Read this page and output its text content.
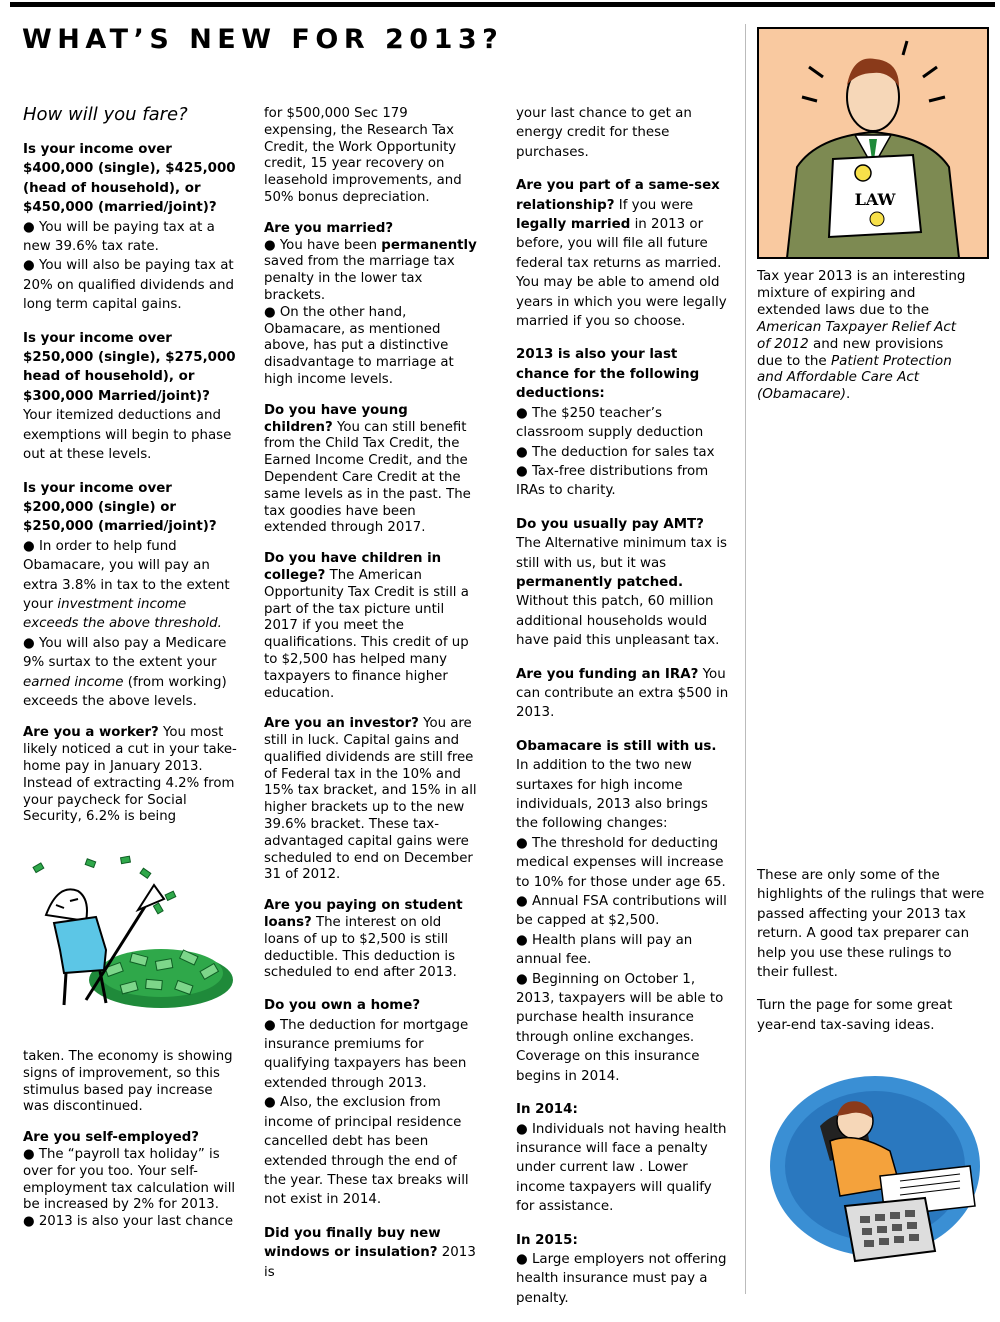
WHAT’S NEW FOR 2013?

How will you fare?

Is your income over $400,000 (single), $425,000 (head of household), or $450,000 (married/joint)?
● You will be paying tax at a new 39.6% tax rate.
● You will also be paying tax at 20% on qualified dividends and long term capital gains.

Is your income over $250,000 (single), $275,000 head of household), or $300,000 Married/joint)? Your itemized deductions and exemptions will begin to phase out at these levels.

Is your income over $200,000 (single) or $250,000 (married/joint)?
● In order to help fund Obamacare, you will pay an extra 3.8% in tax to the extent your investment income exceeds the above threshold.
● You will also pay a Medicare 9% surtax to the extent your earned income (from working) exceeds the above levels.

Are you a worker? You most likely noticed a cut in your take-home pay in January 2013. Instead of extracting 4.2% from your paycheck for Social Security, 6.2% is being

taken. The economy is showing signs of improvement, so this stimulus based pay increase was discontinued.

Are you self-employed?
● The “payroll tax holiday” is over for you too. Your self-employment tax calculation will be increased by 2% for 2013.
● 2013 is also your last chance

for $500,000 Sec 179 expensing, the Research Tax Credit, the Work Opportunity credit, 15 year recovery on leasehold improvements, and 50% bonus depreciation.

Are you married?
● You have been permanently saved from the marriage tax penalty in the lower tax brackets.
● On the other hand, Obamacare, as mentioned above, has put a distinctive disadvantage to marriage at high income levels.

Do you have young children? You can still benefit from the Child Tax Credit, the Earned Income Credit, and the Dependent Care Credit at the same levels as in the past. The tax goodies have been extended through 2017.

Do you have children in college? The American Opportunity Tax Credit is still a part of the tax picture until 2017 if you meet the qualifications. This credit of up to $2,500 has helped many taxpayers to finance higher education.

Are you an investor? You are still in luck. Capital gains and qualified dividends are still free of Federal tax in the 10% and 15% tax bracket, and 15% in all higher brackets up to the new 39.6% bracket. These tax-advantaged capital gains were scheduled to end on December 31 of 2012.

Are you paying on student loans? The interest on old loans of up to $2,500 is still deductible. This deduction is scheduled to end after 2013.

Do you own a home?
● The deduction for mortgage insurance premiums for qualifying taxpayers has been extended through 2013.
● Also, the exclusion from income of principal residence cancelled debt has been extended through the end of the year. These tax breaks will not exist in 2014.

Did you finally buy new windows or insulation? 2013 is

your last chance to get an energy credit for these purchases.

Are you part of a same-sex relationship? If you were legally married in 2013 or before, you will file all future federal tax returns as married. You may be able to amend old years in which you were legally married if you so choose.

2013 is also your last chance for the following deductions:
● The $250 teacher’s classroom supply deduction
● The deduction for sales tax
● Tax-free distributions from IRAs to charity.

Do you usually pay AMT? The Alternative minimum tax is still with us, but it was permanently patched. Without this patch, 60 million additional households would have paid this unpleasant tax.

Are you funding an IRA? You can contribute an extra $500 in 2013.

Obamacare is still with us. In addition to the two new surtaxes for high income individuals, 2013 also brings the following changes:
● The threshold for deducting medical expenses will increase to 10% for those under age 65.
● Annual FSA contributions will be capped at $2,500.
● Health plans will pay an annual fee.
● Beginning on October 1, 2013, taxpayers will be able to purchase health insurance through online exchanges. Coverage on this insurance begins in 2014.

In 2014:
● Individuals not having health insurance will face a penalty under current law . Lower income taxpayers will qualify for assistance.

In 2015:
● Large employers not offering health insurance must pay a penalty.

LAW

Tax year 2013 is an interesting mixture of expiring and extended laws due to the American Taxpayer Relief Act of 2012 and new provisions due to the Patient Protection and Affordable Care Act (Obamacare).

These are only some of the highlights of the rulings that were passed affecting your 2013 tax return. A good tax preparer can help you use these rulings to their fullest.

Turn the page for some great year-end tax-saving ideas.
